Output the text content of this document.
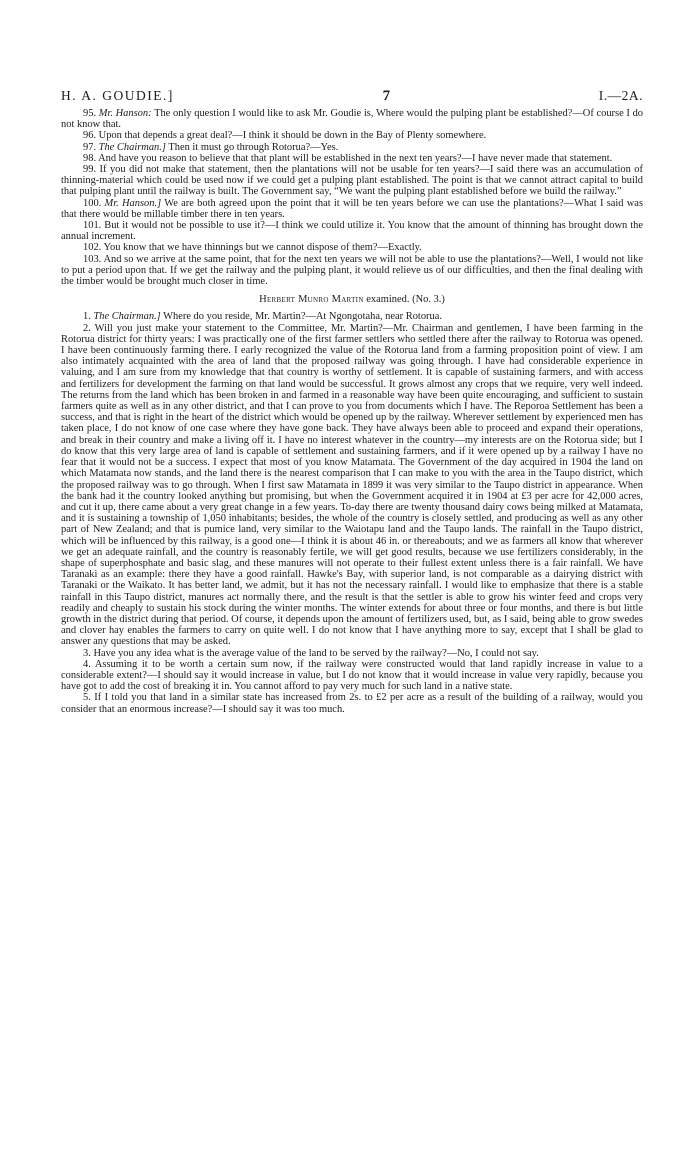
H. A. GOUDIE.]	7	I.—2A.

95. Mr. Hanson: The only question I would like to ask Mr. Goudie is, Where would the pulping plant be established?—Of course I do not know that.

96. Upon that depends a great deal?—I think it should be down in the Bay of Plenty somewhere.

97. The Chairman.] Then it must go through Rotorua?—Yes.

98. And have you reason to believe that that plant will be established in the next ten years?—I have never made that statement.

99. If you did not make that statement, then the plantations will not be usable for ten years?—I said there was an accumulation of thinning-material which could be used now if we could get a pulping plant established. The point is that we cannot attract capital to build that pulping plant until the railway is built. The Government say, “We want the pulping plant established before we build the railway.”

100. Mr. Hanson.] We are both agreed upon the point that it will be ten years before we can use the plantations?—What I said was that there would be millable timber there in ten years.

101. But it would not be possible to use it?—I think we could utilize it. You know that the amount of thinning has brought down the annual increment.

102. You know that we have thinnings but we cannot dispose of them?—Exactly.

103. And so we arrive at the same point, that for the next ten years we will not be able to use the plantations?—Well, I would not like to put a period upon that. If we get the railway and the pulping plant, it would relieve us of our difficulties, and then the final dealing with the timber would be brought much closer in time.

Herbert Munro Martin examined. (No. 3.)

1. The Chairman.] Where do you reside, Mr. Martin?—At Ngongotaha, near Rotorua.

2. Will you just make your statement to the Committee, Mr. Martin?—Mr. Chairman and gentlemen, I have been farming in the Rotorua district for thirty years: I was practically one of the first farmer settlers who settled there after the railway to Rotorua was opened. I have been continuously farming there. I early recognized the value of the Rotorua land from a farming proposition point of view. I am also intimately acquainted with the area of land that the proposed railway was going through. I have had considerable experience in valuing, and I am sure from my knowledge that that country is worthy of settlement. It is capable of sustaining farmers, and with access and fertilizers for development the farming on that land would be successful. It grows almost any crops that we require, very well indeed. The returns from the land which has been broken in and farmed in a reasonable way have been quite encouraging, and sufficient to sustain farmers quite as well as in any other district, and that I can prove to you from documents which I have. The Reporoa Settlement has been a success, and that is right in the heart of the district which would be opened up by the railway. Wherever settlement by experienced men has taken place, I do not know of one case where they have gone back. They have always been able to proceed and expand their operations, and break in their country and make a living off it. I have no interest whatever in the country—my interests are on the Rotorua side; but I do know that this very large area of land is capable of settlement and sustaining farmers, and if it were opened up by a railway I have no fear that it would not be a success. I expect that most of you know Matamata. The Government of the day acquired in 1904 the land on which Matamata now stands, and the land there is the nearest comparison that I can make to you with the area in the Taupo district, which the proposed railway was to go through. When I first saw Matamata in 1899 it was very similar to the Taupo district in appearance. When the bank had it the country looked anything but promising, but when the Government acquired it in 1904 at £3 per acre for 42,000 acres, and cut it up, there came about a very great change in a few years. To-day there are twenty thousand dairy cows being milked at Matamata, and it is sustaining a township of 1,050 inhabitants; besides, the whole of the country is closely settled, and producing as well as any other part of New Zealand; and that is pumice land, very similar to the Waiotapu land and the Taupo lands. The rainfall in the Taupo district, which will be influenced by this railway, is a good one—I think it is about 46 in. or thereabouts; and we as farmers all know that wherever we get an adequate rainfall, and the country is reasonably fertile, we will get good results, because we use fertilizers considerably, in the shape of superphosphate and basic slag, and these manures will not operate to their fullest extent unless there is a fair rainfall. We have Taranaki as an example: there they have a good rainfall. Hawke's Bay, with superior land, is not comparable as a dairying district with Taranaki or the Waikato. It has better land, we admit, but it has not the necessary rainfall. I would like to emphasize that there is a stable rainfall in this Taupo district, manures act normally there, and the result is that the settler is able to grow his winter feed and crops very readily and cheaply to sustain his stock during the winter months. The winter extends for about three or four months, and there is but little growth in the district during that period. Of course, it depends upon the amount of fertilizers used, but, as I said, being able to grow swedes and clover hay enables the farmers to carry on quite well. I do not know that I have anything more to say, except that I shall be glad to answer any questions that may be asked.

3. Have you any idea what is the average value of the land to be served by the railway?—No, I could not say.

4. Assuming it to be worth a certain sum now, if the railway were constructed would that land rapidly increase in value to a considerable extent?—I should say it would increase in value, but I do not know that it would increase in value very rapidly, because you have got to add the cost of breaking it in. You cannot afford to pay very much for such land in a native state.

5. If I told you that land in a similar state has increased from 2s. to £2 per acre as a result of the building of a railway, would you consider that an enormous increase?—I should say it was too much.
